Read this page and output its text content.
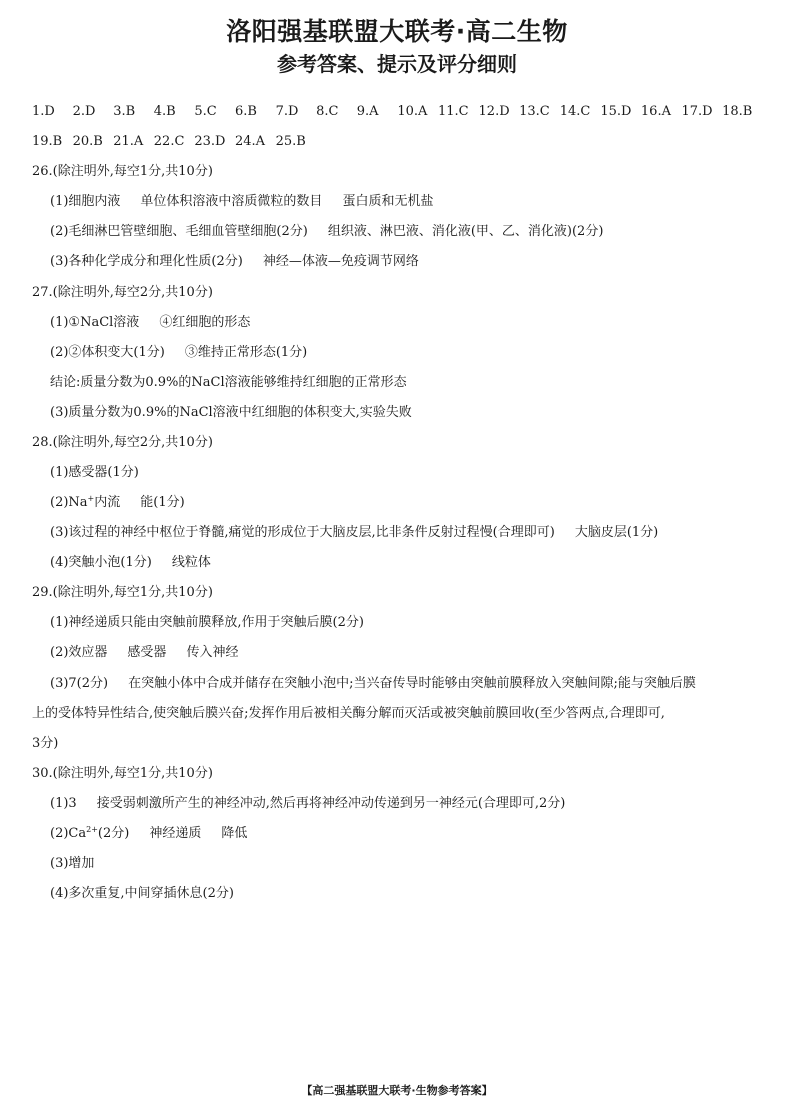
洛阳强基联盟大联考·高二生物
参考答案、提示及评分细则
1.D 2.D 3.B 4.B 5.C 6.B 7.D 8.C 9.A 10.A 11.C 12.D 13.C 14.C 15.D 16.A 17.D 18.B
19.B 20.B 21.A 22.C 23.D 24.A 25.B
26.(除注明外,每空1分,共10分)
(1)细胞内液 单位体积溶液中溶质微粒的数目 蛋白质和无机盐
(2)毛细淋巴管壁细胞、毛细血管壁细胞(2分) 组织液、淋巴液、消化液(甲、乙、消化液)(2分)
(3)各种化学成分和理化性质(2分) 神经—体液—免疫调节网络
27.(除注明外,每空2分,共10分)
(1)①NaCl溶液 ④红细胞的形态
(2)②体积变大(1分) ③维持正常形态(1分)
结论:质量分数为0.9%的NaCl溶液能够维持红细胞的正常形态
(3)质量分数为0.9%的NaCl溶液中红细胞的体积变大,实验失败
28.(除注明外,每空2分,共10分)
(1)感受器(1分)
(2)Na+内流 能(1分)
(3)该过程的神经中枢位于脊髓,痛觉的形成位于大脑皮层,比非条件反射过程慢(合理即可) 大脑皮层(1分)
(4)突触小泡(1分) 线粒体
29.(除注明外,每空1分,共10分)
(1)神经递质只能由突触前膜释放,作用于突触后膜(2分)
(2)效应器 感受器 传入神经
(3)7(2分) 在突触小体中合成并储存在突触小泡中;当兴奋传导时能够由突触前膜释放入突触间隙;能与突触后膜
上的受体特异性结合,使突触后膜兴奋;发挥作用后被相关酶分解而灭活或被突触前膜回收(至少答两点,合理即可,
3分)
30.(除注明外,每空1分,共10分)
(1)3 接受弱刺激所产生的神经冲动,然后再将神经冲动传递到另一神经元(合理即可,2分)
$(2)Ca^{2+}(2$分) 神经递质 降低
(3)增加
(4)多次重复,中间穿插休息(2分)
【高二强基联盟大联考·生物参考答案】
